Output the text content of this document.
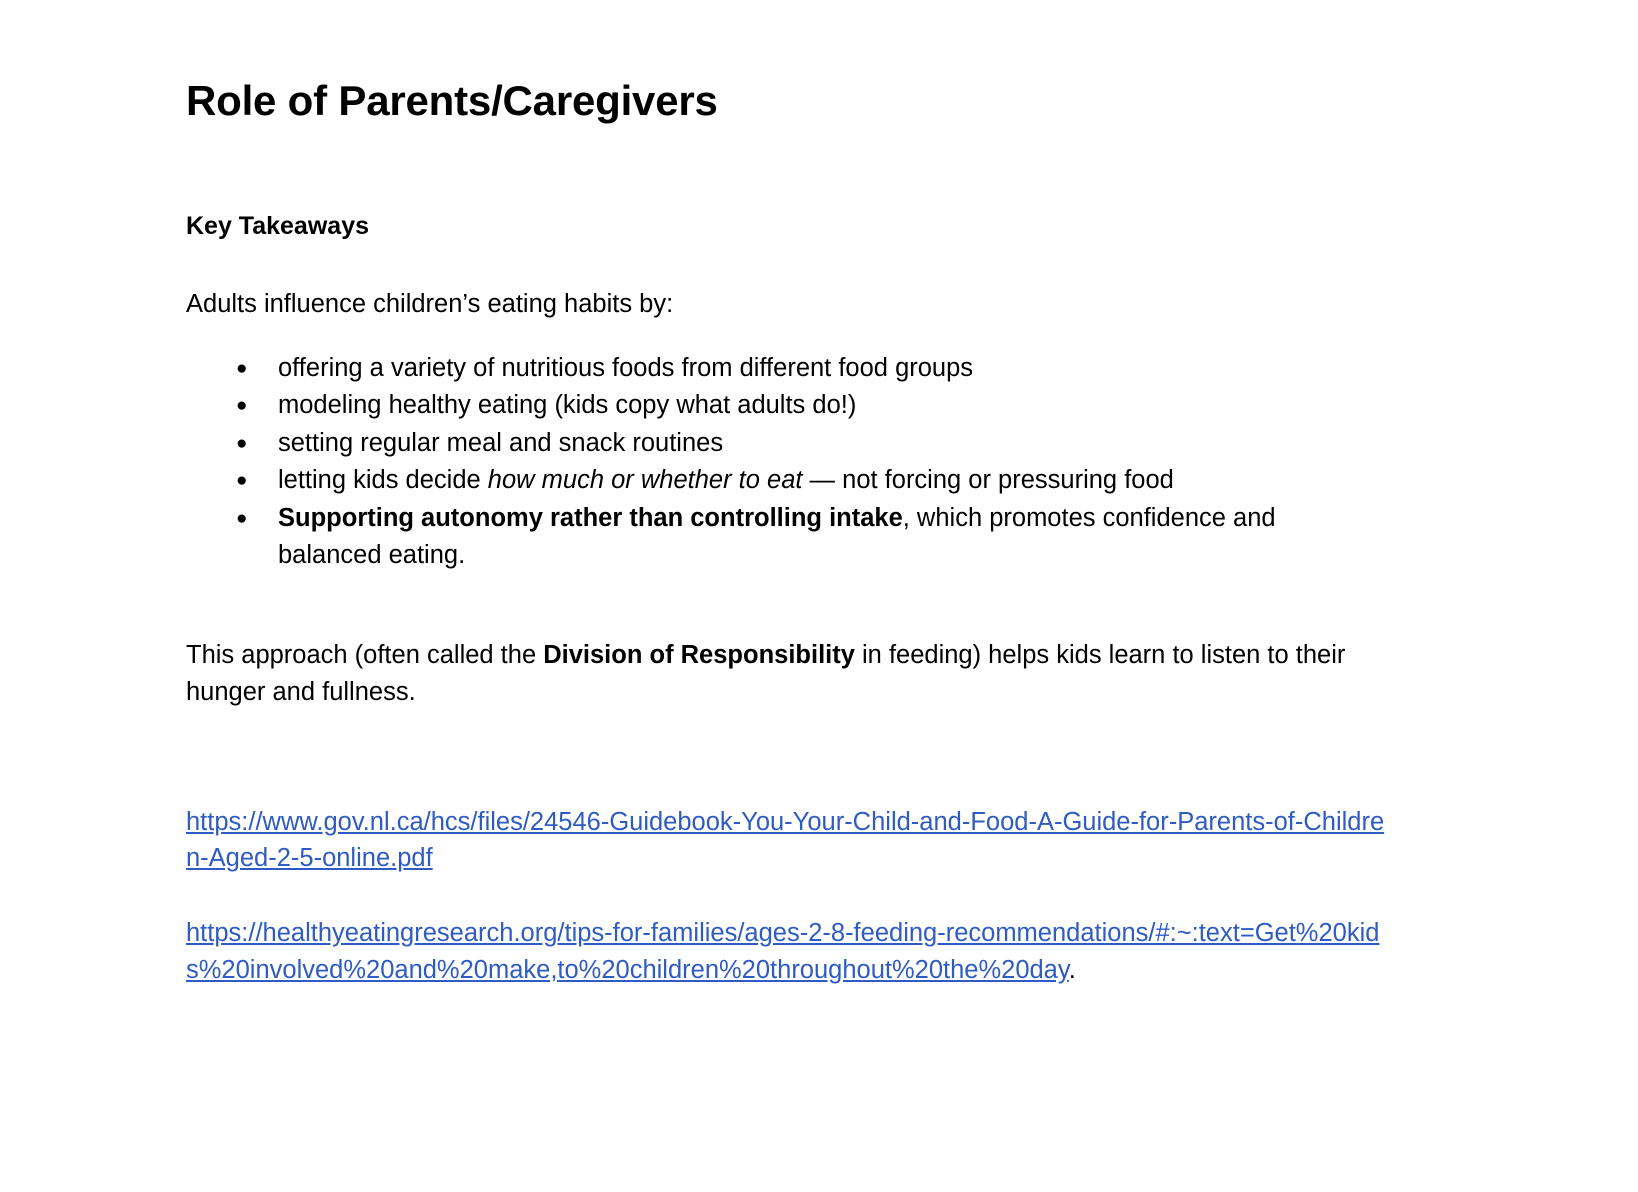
Role of Parents/Caregivers
Key Takeaways

Adults influence children’s eating habits by:

● offering a variety of nutritious foods from different food groups
● modeling healthy eating (kids copy what adults do!)
● setting regular meal and snack routines
● letting kids decide how much or whether to eat — not forcing or pressuring food
● Supporting autonomy rather than controlling intake, which promotes confidence and balanced eating.

This approach (often called the Division of Responsibility in feeding) helps kids learn to listen to their hunger and fullness.

https://www.gov.nl.ca/hcs/files/24546-Guidebook-You-Your-Child-and-Food-A-Guide-for-Parents-of-Children-Aged-2-5-online.pdf

https://healthyeatingresearch.org/tips-for-families/ages-2-8-feeding-recommendations/#:~:text=Get%20kids%20involved%20and%20make,to%20children%20throughout%20the%20day.
